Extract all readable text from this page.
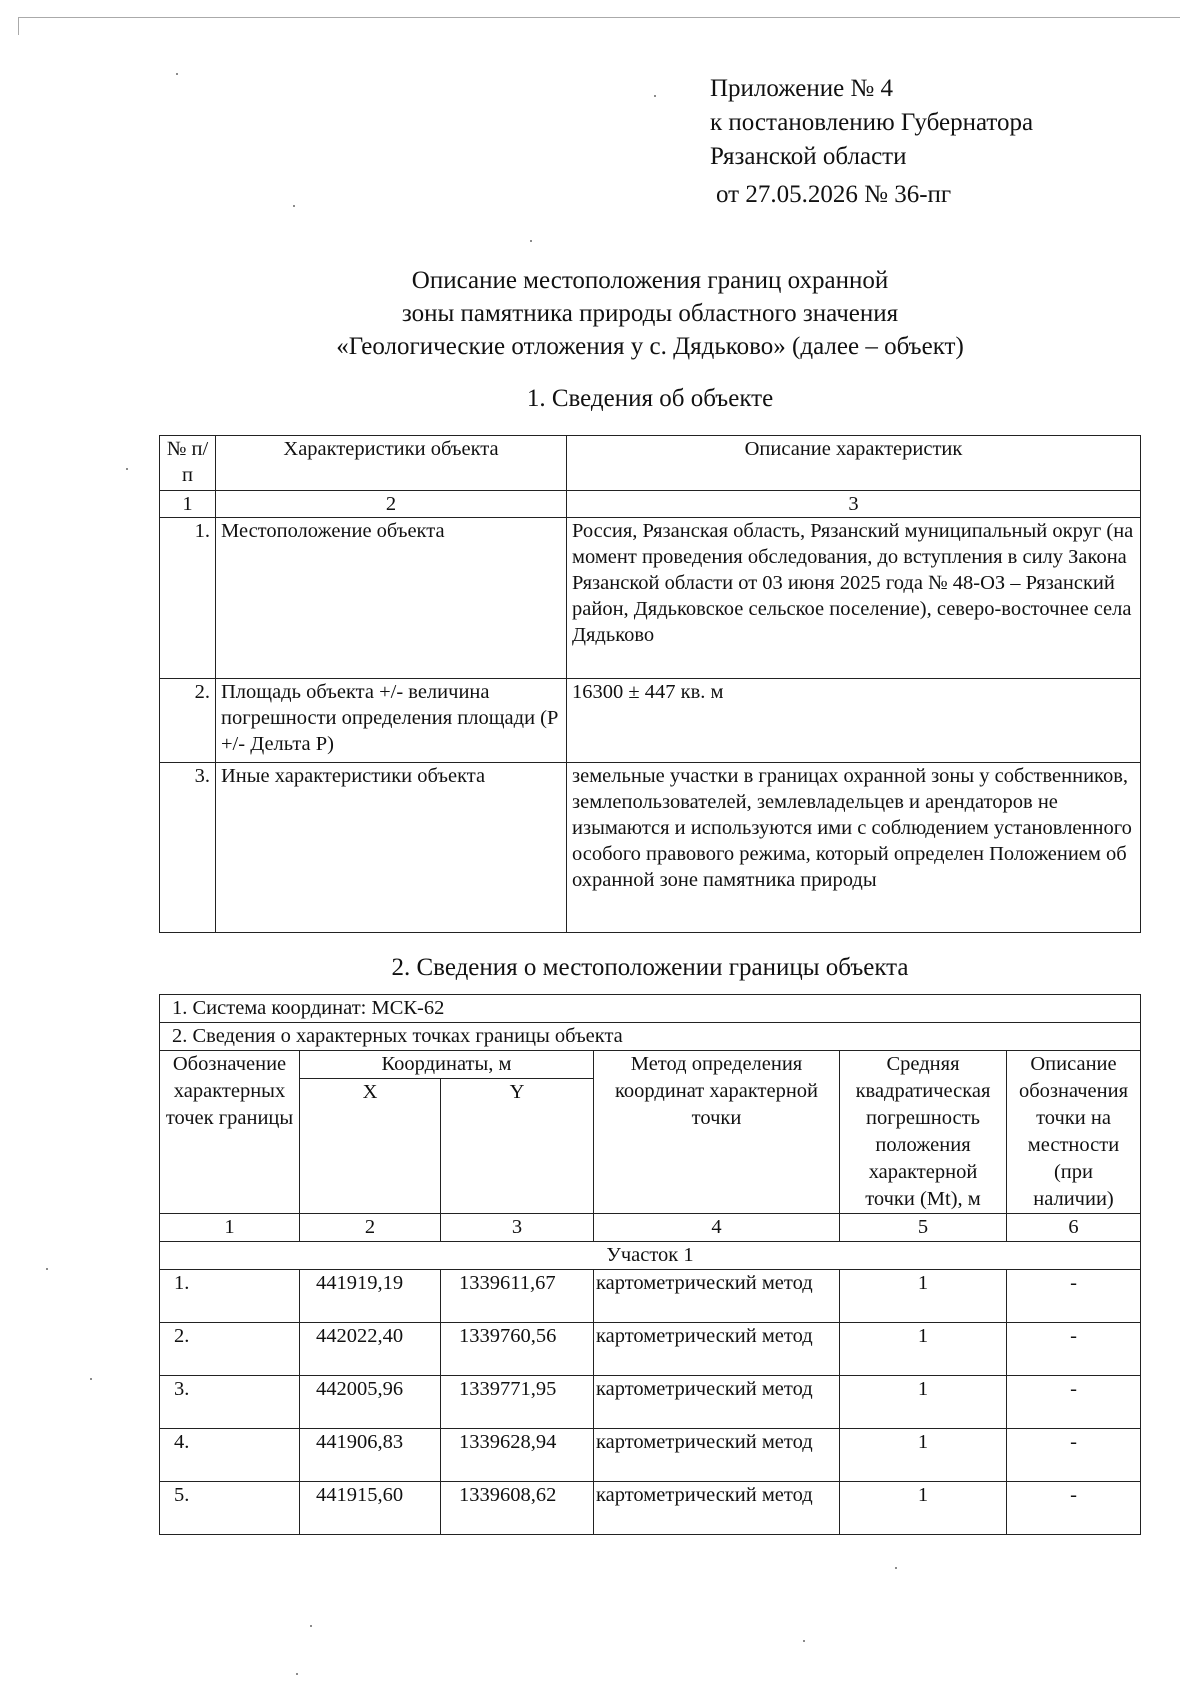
Приложение № 4
к постановлению Губернатора
Рязанской области
от 27.05.2026 № 36-пг
Описание местоположения границ охранной
зоны памятника природы областного значения
«Геологические отложения у с. Дядьково» (далее – объект)
1. Сведения об объекте
№ п/п	Характеристики объекта	Описание характеристик
1	2	3
1.	Местоположение объекта	Россия, Рязанская область, Рязанский муниципальный округ (на момент проведения обследования, до вступления в силу Закона Рязанской области от 03 июня 2025 года № 48-ОЗ – Рязанский район, Дядьковское сельское поселение), северо-восточнее села Дядьково
2.	Площадь объекта +/- величина погрешности определения площади (Р +/- Дельта Р)	16300 ± 447 кв. м
3.	Иные характеристики объекта	земельные участки в границах охранной зоны у собственников, землепользователей, землевладельцев и арендаторов не изымаются и используются ими с соблюдением установленного особого правового режима, который определен Положением об охранной зоне памятника природы
2. Сведения о местоположении границы объекта
1. Система координат: МСК-62					
2. Сведения о характерных точках границы объекта					
Обозначение характерных точек границы	Координаты, м		Метод определения координат характерной точки	Средняя квадратическая погрешность положения характерной точки (Mt), м	Описание обозначения точки на местности (при наличии)
	X	Y			
1	2	3	4	5	6
Участок 1					
1.	441919,19	1339611,67	картометрический метод	1	-
2.	442022,40	1339760,56	картометрический метод	1	-
3.	442005,96	1339771,95	картометрический метод	1	-
4.	441906,83	1339628,94	картометрический метод	1	-
5.	441915,60	1339608,62	картометрический метод	1	-
